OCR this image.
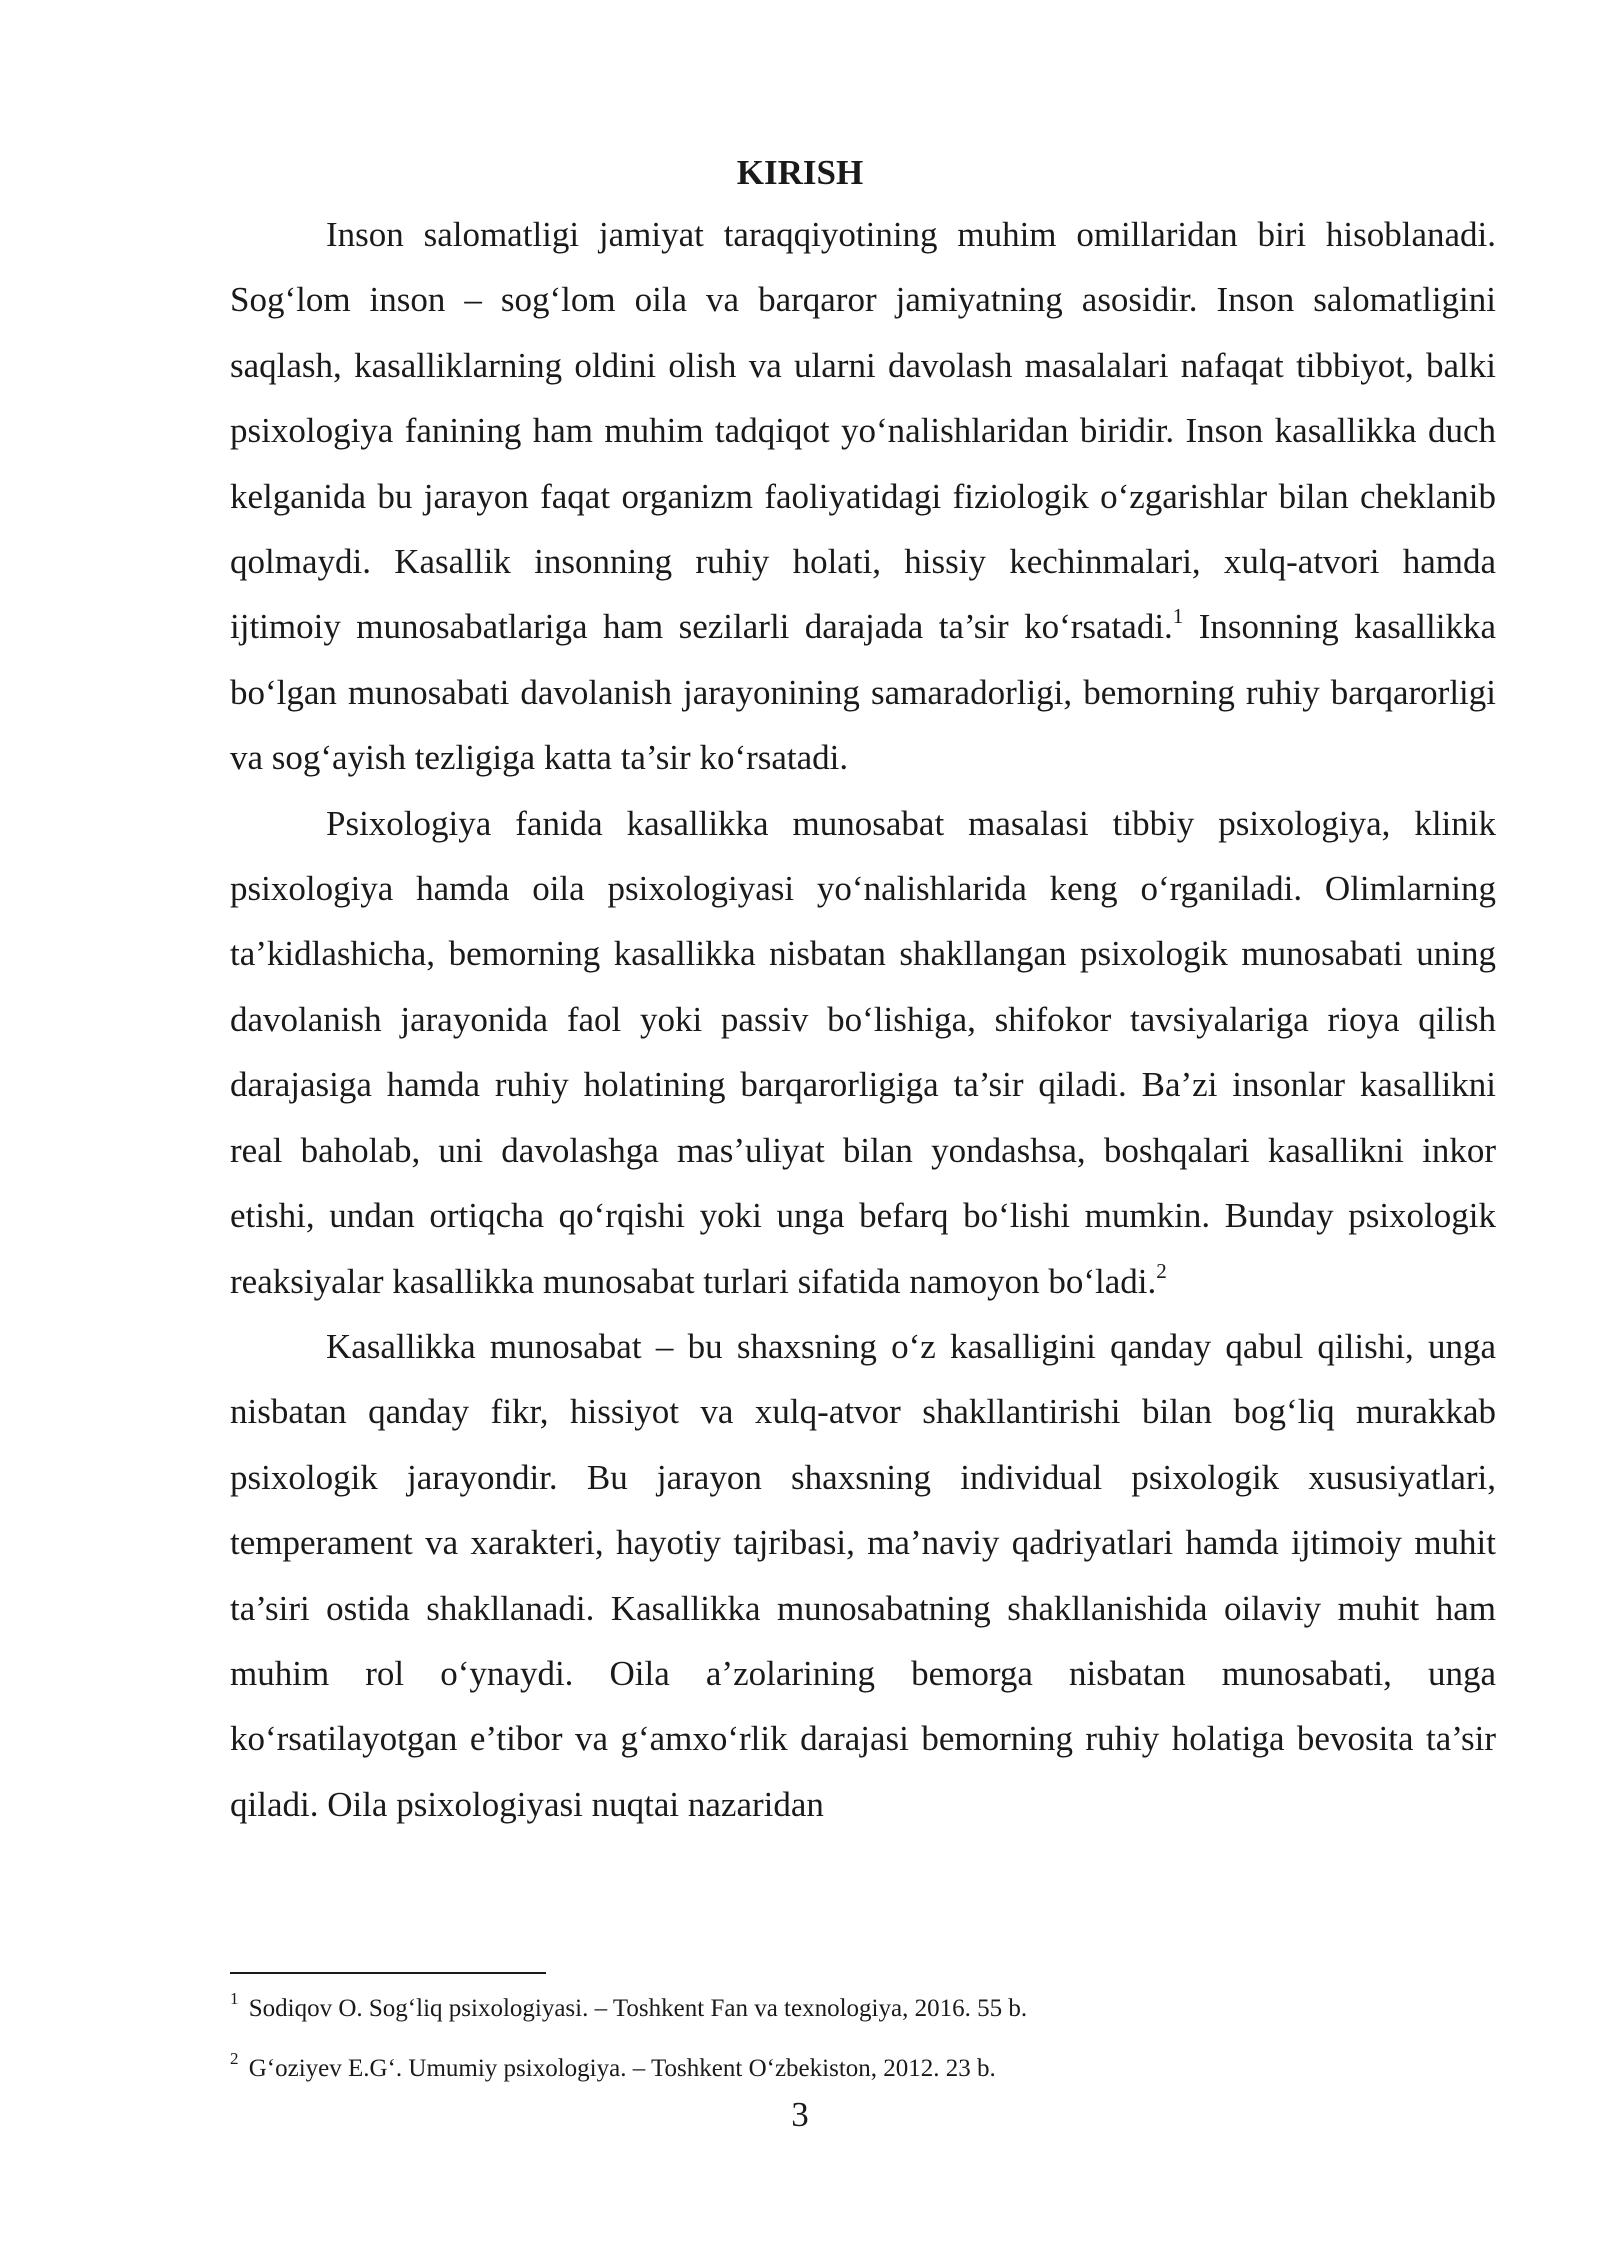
KIRISH

Inson salomatligi jamiyat taraqqiyotining muhim omillaridan biri hisoblanadi. Sog‘lom inson – sog‘lom oila va barqaror jamiyatning asosidir. Inson salomatligini saqlash, kasalliklarning oldini olish va ularni davolash masalalari nafaqat tibbiyot, balki psixologiya fanining ham muhim tadqiqot yo‘nalishlaridan biridir. Inson kasallikka duch kelganida bu jarayon faqat organizm faoliyatidagi fiziologik o‘zgarishlar bilan cheklanib qolmaydi. Kasallik insonning ruhiy holati, hissiy kechinmalari, xulq-atvori hamda ijtimoiy munosabatlariga ham sezilarli darajada ta’sir ko‘rsatadi.$^1$ Insonning kasallikka bo‘lgan munosabati davolanish jarayonining samaradorligi, bemorning ruhiy barqarorligi va sog‘ayish tezligiga katta ta’sir ko‘rsatadi.

Psixologiya fanida kasallikka munosabat masalasi tibbiy psixologiya, klinik psixologiya hamda oila psixologiyasi yo‘nalishlarida keng o‘rganiladi. Olimlarning ta’kidlashicha, bemorning kasallikka nisbatan shakllangan psixologik munosabati uning davolanish jarayonida faol yoki passiv bo‘lishiga, shifokor tavsiyalariga rioya qilish darajasiga hamda ruhiy holatining barqarorligiga ta’sir qiladi. Ba’zi insonlar kasallikni real baholab, uni davolashga mas’uliyat bilan yondashsa, boshqalari kasallikni inkor etishi, undan ortiqcha qo‘rqishi yoki unga befarq bo‘lishi mumkin. Bunday psixologik reaksiyalar kasallikka munosabat turlari sifatida namoyon bo‘ladi.$^2$

Kasallikka munosabat – bu shaxsning o‘z kasalligini qanday qabul qilishi, unga nisbatan qanday fikr, hissiyot va xulq-atvor shakllantirishi bilan bog‘liq murakkab psixologik jarayondir. Bu jarayon shaxsning individual psixologik xususiyatlari, temperament va xarakteri, hayotiy tajribasi, ma’naviy qadriyatlari hamda ijtimoiy muhit ta’siri ostida shakllanadi. Kasallikka munosabatning shakllanishida oilaviy muhit ham muhim rol o‘ynaydi. Oila a’zolarining bemorga nisbatan munosabati, unga ko‘rsatilayotgan e’tibor va g‘amxo‘rlik darajasi bemorning ruhiy holatiga bevosita ta’sir qiladi. Oila psixologiyasi nuqtai nazaridan

$^1$ Sodiqov O. Sog‘liq psixologiyasi. – Toshkent Fan va texnologiya, 2016. 55 b.

$^2$ G‘oziyev E.G‘. Umumiy psixologiya. – Toshkent O‘zbekiston, 2012. 23 b.

3
